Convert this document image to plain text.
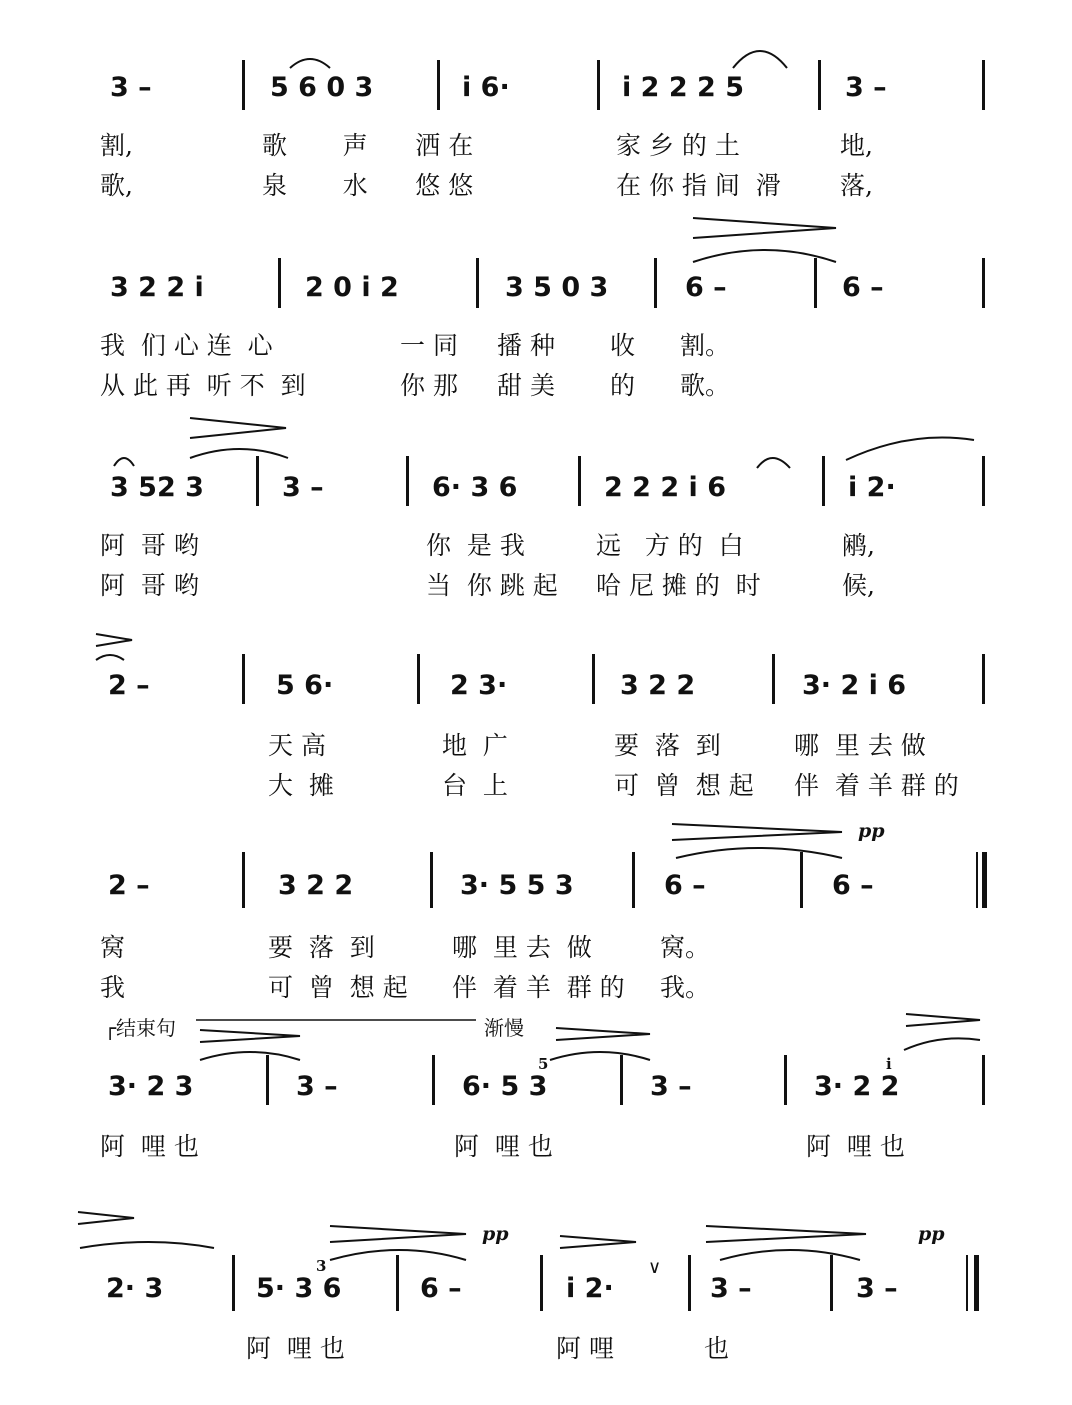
3 –	5 6 0 3	i 6·	i 2 2 2 5	3 –
割,	歌       声      洒 在	家 乡 的 土	地,
歌,	泉       水      悠 悠	在 你 指 间  滑 落,
3 2 2 i	2 0 i 2	3 5 0 3	6 –	6 –
我  们 心 连  心	一 同 播 种 收 割。
从 此 再  听 不  到	你 那 甜 美 的 歌。
3 52 3	3 –	6· 3 6	2 2 2 i 6	i 2·
阿  哥 哟	你  是 我	远   方 的  白	鹇,
阿  哥 哟	当  你 跳 起 哈 尼 摊 的  时	候,
2 –	5 6·	2 3·	3 2 2	3· 2 i 6
天 高	地  广	要  落  到	哪  里 去 做
大  摊	台  上	可  曾  想 起 伴  着 羊 群 的
2 –	3 2 2	3· 5 5 3	6 –	6 –
pp
窝	要  落  到	哪  里 去  做	窝。
我	可  曾  想 起 伴  着 羊  群 的 我。
┌结束句	渐慢
3· 2 3	3 –	6· 5 3	3 –	3· 2 2
5	i
阿  哩 也	阿  哩 也	阿  哩 也
2· 3	5· 3 6	6 –	i 2·	3 –	3 –
3
pp	pp
∨
阿  哩 也	阿 哩	也
